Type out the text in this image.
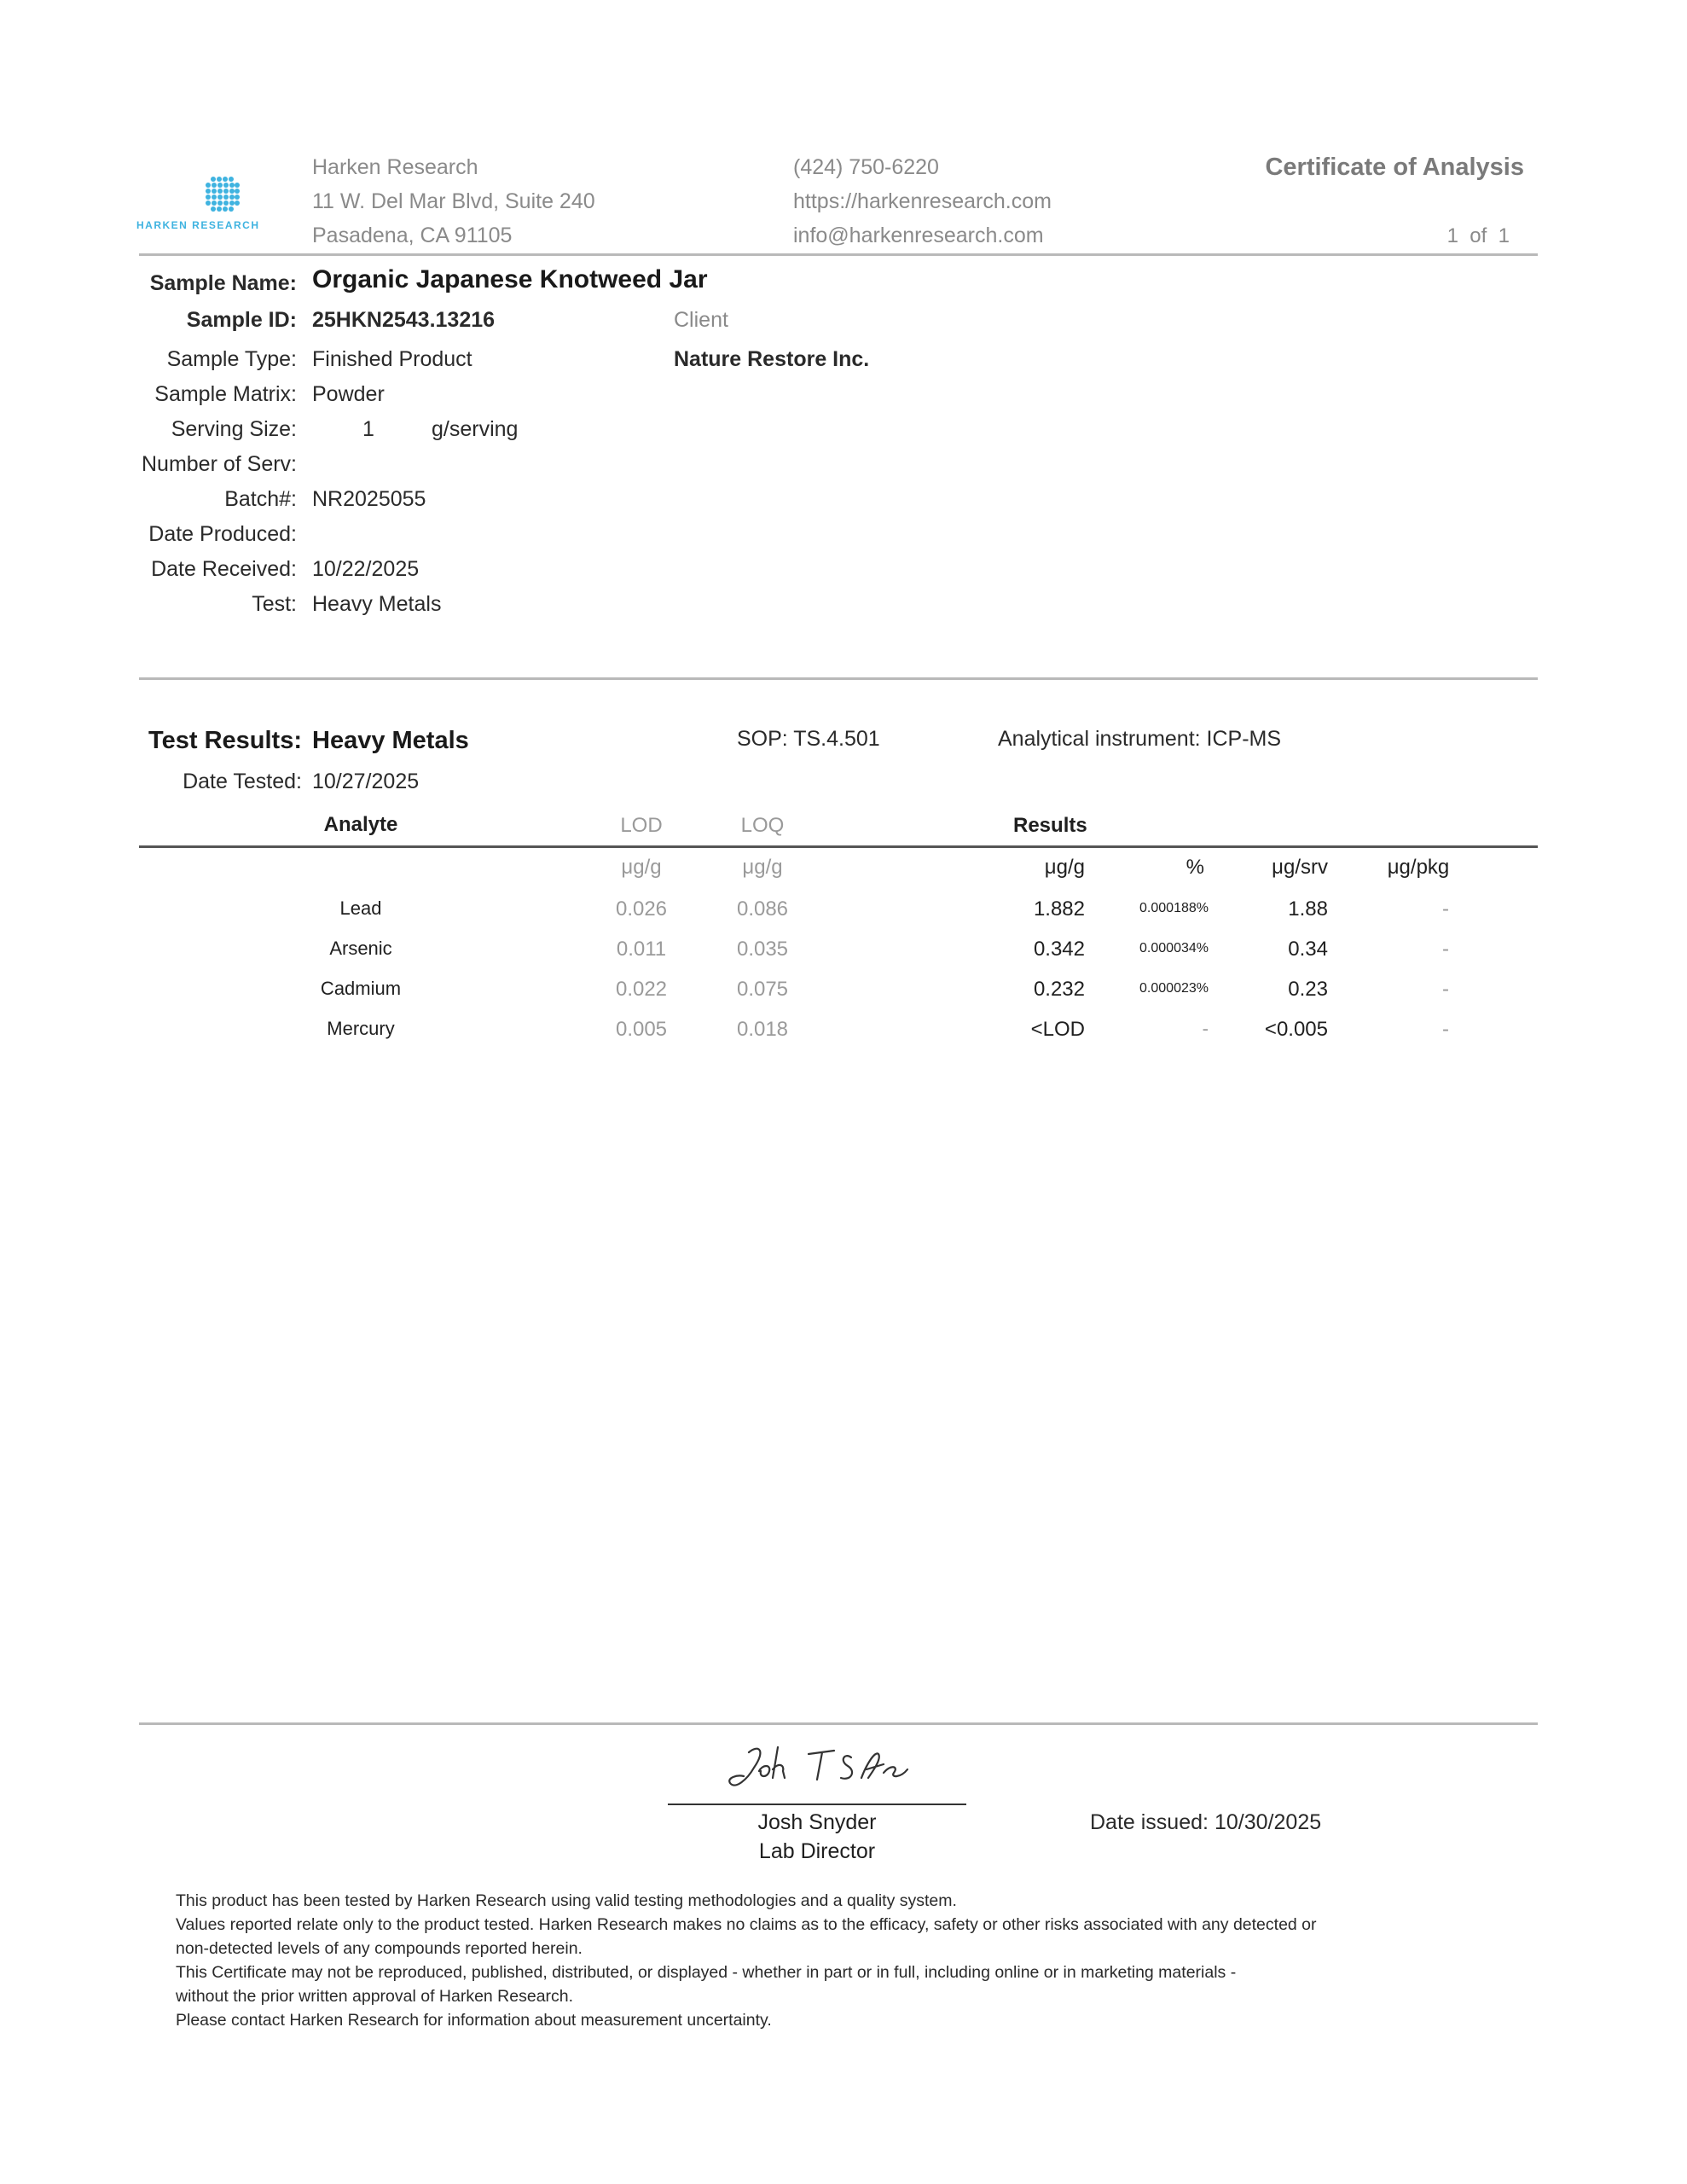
HARKEN RESEARCH
Harken Research
11 W. Del Mar Blvd, Suite 240
Pasadena, CA 91105
(424) 750-6220
https://harkenresearch.com
info@harkenresearch.com
Certificate of Analysis
1 of 1
Sample Name: Organic Japanese Knotweed Jar
Sample ID: 25HKN2543.13216	Client
Nature Restore Inc.
Sample Type: Finished Product
Sample Matrix: Powder
Serving Size:	1	g/serving
Number of Serv:
Batch#: NR2025055
Date Produced:
Date Received: 10/22/2025
Test: Heavy Metals
Test Results: Heavy Metals	SOP: TS.4.501	Analytical instrument: ICP-MS
Date Tested: 10/27/2025
Analyte	LOD	LOQ	Results
μg/g	μg/g	μg/g	%	μg/srv	μg/pkg
Lead	0.026	0.086	1.882	0.000188%	1.88	-
Arsenic	0.011	0.035	0.342	0.000034%	0.34	-
Cadmium	0.022	0.075	0.232	0.000023%	0.23	-
Mercury	0.005	0.018	<LOD	-	<0.005	-
Josh Snyder
Lab Director
Date issued: 10/30/2025
This product has been tested by Harken Research using valid testing methodologies and a quality system.
Values reported relate only to the product tested. Harken Research makes no claims as to the efficacy, safety or other risks associated with any detected or
non-detected levels of any compounds reported herein.
This Certificate may not be reproduced, published, distributed, or displayed - whether in part or in full, including online or in marketing materials -
without the prior written approval of Harken Research.
Please contact Harken Research for information about measurement uncertainty.
